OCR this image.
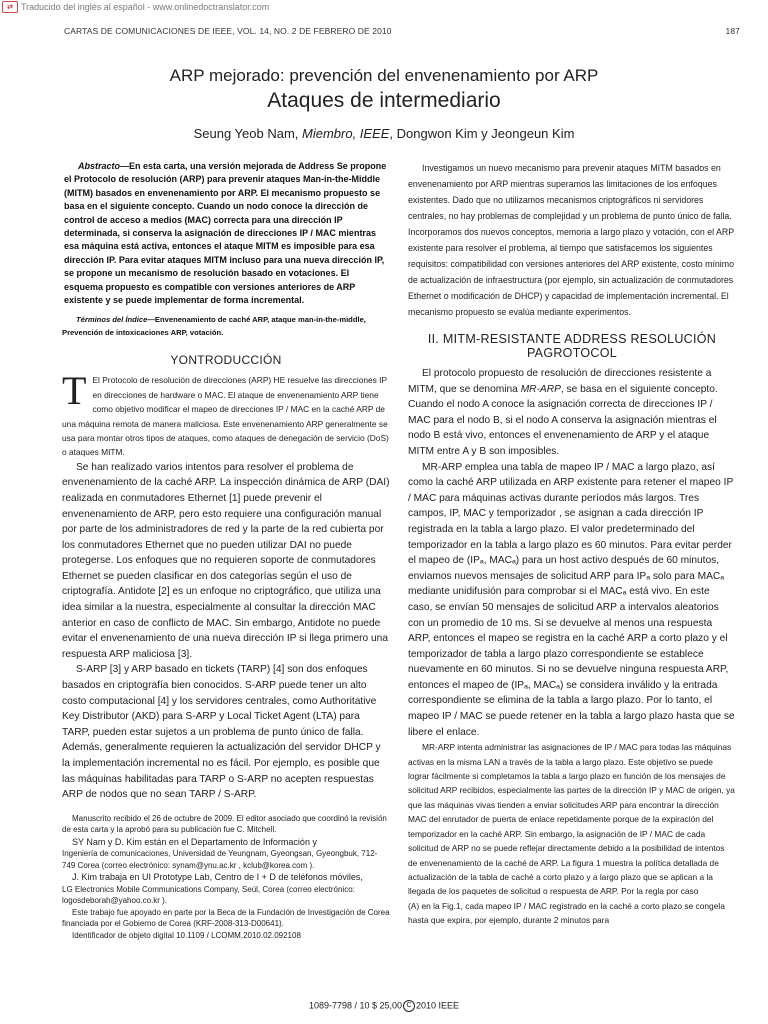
⇄ Traducido del inglés al español - www.onlinedoctranslator.com
CARTAS DE COMUNICACIONES DE IEEE, VOL. 14, NO. 2 DE FEBRERO DE 2010	187
ARP mejorado: prevención del envenenamiento por ARP
Ataques de intermediario
Seung Yeob Nam, Miembro, IEEE, Dongwon Kim y Jeongeun Kim
Abstracto—En esta carta, una versión mejorada de Address Se propone el Protocolo de resolución (ARP) para prevenir ataques Man-in-the-Middle (MITM) basados en envenenamiento por ARP. El mecanismo propuesto se basa en el siguiente concepto. Cuando un nodo conoce la dirección de control de acceso a medios (MAC) correcta para una dirección IP determinada, si conserva la asignación de direcciones IP / MAC mientras esa máquina está activa, entonces el ataque MITM es imposible para esa dirección IP. Para evitar ataques MITM incluso para una nueva dirección IP, se propone un mecanismo de resolución basado en votaciones. El esquema propuesto es compatible con versiones anteriores de ARP existente y se puede implementar de forma incremental.
Términos del Índice—Envenenamiento de caché ARP, ataque man-in-the-middle, Prevención de intoxicaciones ARP, votación.
YONTRODUCCIÓN

T El Protocolo de resolución de direcciones (ARP) HE resuelve las direcciones IP en direcciones de hardware o MAC. El ataque de envenenamiento ARP tiene como objetivo modificar el mapeo de direcciones IP / MAC en la caché ARP de una máquina remota de manera maliciosa. Este envenenamiento ARP generalmente se usa para montar otros tipos de ataques, como ataques de denegación de servicio (DoS) o ataques MITM.

Se han realizado varios intentos para resolver el problema de envenenamiento de la caché ARP. La inspección dinámica de ARP (DAI) realizada en conmutadores Ethernet [1] puede prevenir el envenenamiento de ARP, pero esto requiere una configuración manual por parte de los administradores de red y la parte de la red cubierta por los conmutadores Ethernet que no pueden utilizar DAI no puede protegerse. Los enfoques que no requieren soporte de conmutadores Ethernet se pueden clasificar en dos categorías según el uso de criptografía. Antidote [2] es un enfoque no criptográfico, que utiliza una idea similar a la nuestra, especialmente al consultar la dirección MAC anterior en caso de conflicto de MAC. Sin embargo, Antidote no puede evitar el envenenamiento de una nueva dirección IP si llega primero una respuesta ARP maliciosa [3].

S-ARP [3] y ARP basado en tickets (TARP) [4] son dos enfoques basados en criptografía bien conocidos. S-ARP puede tener un alto costo computacional [4] y los servidores centrales, como Authoritative Key Distributor (AKD) para S-ARP y Local Ticket Agent (LTA) para TARP, pueden estar sujetos a un problema de punto único de falla. Además, generalmente requieren la actualización del servidor DHCP y la implementación incremental no es fácil. Por ejemplo, es posible que las máquinas habilitadas para TARP o S-ARP no acepten respuestas ARP de nodos que no sean TARP / S-ARP.

Manuscrito recibido el 26 de octubre de 2009. El editor asociado que coordinó la revisión de esta carta y la aprobó para su publicación fue C. Mitchell.

SY Nam y D. Kim están en el Departamento de Información y

Ingeniería de comunicaciones, Universidad de Yeungnam, Gyeongsan, Gyeongbuk, 712-749 Corea (correo electrónico: synam@ynu.ac.kr , kclub@korea.com ).

J. Kim trabaja en UI Prototype Lab, Centro de I + D de teléfonos móviles,

LG Electronics Mobile Communications Company, Seúl, Corea (correo electrónico: logosdeborah@yahoo.co.kr ).

Este trabajo fue apoyado en parte por la Beca de la Fundación de Investigación de Corea financiada por el Gobierno de Corea (KRF-2008-313-D00641).

Identificador de objeto digital 10.1109 / LCOMM.2010.02.092108

Investigamos un nuevo mecanismo para prevenir ataques MITM basados en envenenamiento por ARP mientras superamos las limitaciones de los enfoques existentes. Dado que no utilizamos mecanismos criptográficos ni servidores centrales, no hay problemas de complejidad y un problema de punto único de falla. Incorporamos dos nuevos conceptos, memoria a largo plazo y votación, con el ARP existente para resolver el problema, al tiempo que satisfacemos los siguientes requisitos: compatibilidad con versiones anteriores del ARP existente, costo mínimo de actualización de infraestructura (por ejemplo, sin actualización de conmutadores Ethernet o modificación de DHCP) y capacidad de implementación incremental. El mecanismo propuesto se evalúa mediante experimentos.

II. MITM-RESISTANTE ADDRESS RESOLUCIÓN PAGROTOCOL

El protocolo propuesto de resolución de direcciones resistente a MITM, que se denomina MR-ARP, se basa en el siguiente concepto. Cuando el nodo A conoce la asignación correcta de direcciones IP / MAC para el nodo B, si el nodo A conserva la asignación mientras el nodo B está vivo, entonces el envenenamiento de ARP y el ataque MITM entre A y B son imposibles.

MR-ARP emplea una tabla de mapeo IP / MAC a largo plazo, así como la caché ARP utilizada en ARP existente para retener el mapeo IP / MAC para máquinas activas durante períodos más largos. Tres campos, IP, MAC y temporizador , se asignan a cada dirección IP registrada en la tabla a largo plazo. El valor predeterminado del temporizador en la tabla a largo plazo es 60 minutos. Para evitar perder el mapeo de (IPₐ, MACₐ) para un host activo después de 60 minutos, enviamos nuevos mensajes de solicitud ARP para IPₐ solo para MACₐ mediante unidifusión para comprobar si el MACₐ está vivo. En este caso, se envían 50 mensajes de solicitud ARP a intervalos aleatorios con un promedio de 10 ms. Si se devuelve al menos una respuesta ARP, entonces el mapeo se registra en la caché ARP a corto plazo y el temporizador de tabla a largo plazo correspondiente se establece nuevamente en 60 minutos. Si no se devuelve ninguna respuesta ARP, entonces el mapeo de (IPₐ, MACₐ) se considera inválido y la entrada correspondiente se elimina de la tabla a largo plazo. Por lo tanto, el mapeo IP / MAC se puede retener en la tabla a largo plazo hasta que se libere el enlace.

MR-ARP intenta administrar las asignaciones de IP / MAC para todas las máquinas activas en la misma LAN a través de la tabla a largo plazo. Este objetivo se puede lograr fácilmente si completamos la tabla a largo plazo en función de los mensajes de solicitud ARP recibidos, especialmente las partes de la dirección IP y MAC de origen, ya que las máquinas vivas tienden a enviar solicitudes ARP para encontrar la dirección MAC del enrutador de puerta de enlace repetidamente porque de la expiración del temporizador en la caché ARP. Sin embargo, la asignación de IP / MAC de cada solicitud de ARP no se puede reflejar directamente debido a la posibilidad de intentos de envenenamiento de la caché de ARP. La figura 1 muestra la política detallada de actualización de la tabla de caché a corto plazo y a largo plazo que se aplican a la llegada de los paquetes de solicitud o respuesta de ARP. Por la regla por caso

(A) en la Fig.1, cada mapeo IP / MAC registrado en la caché a corto plazo se congela hasta que expira, por ejemplo, durante 2 minutos para

1089-7798 / 10 $ 25,00 C 2010 IEEE
